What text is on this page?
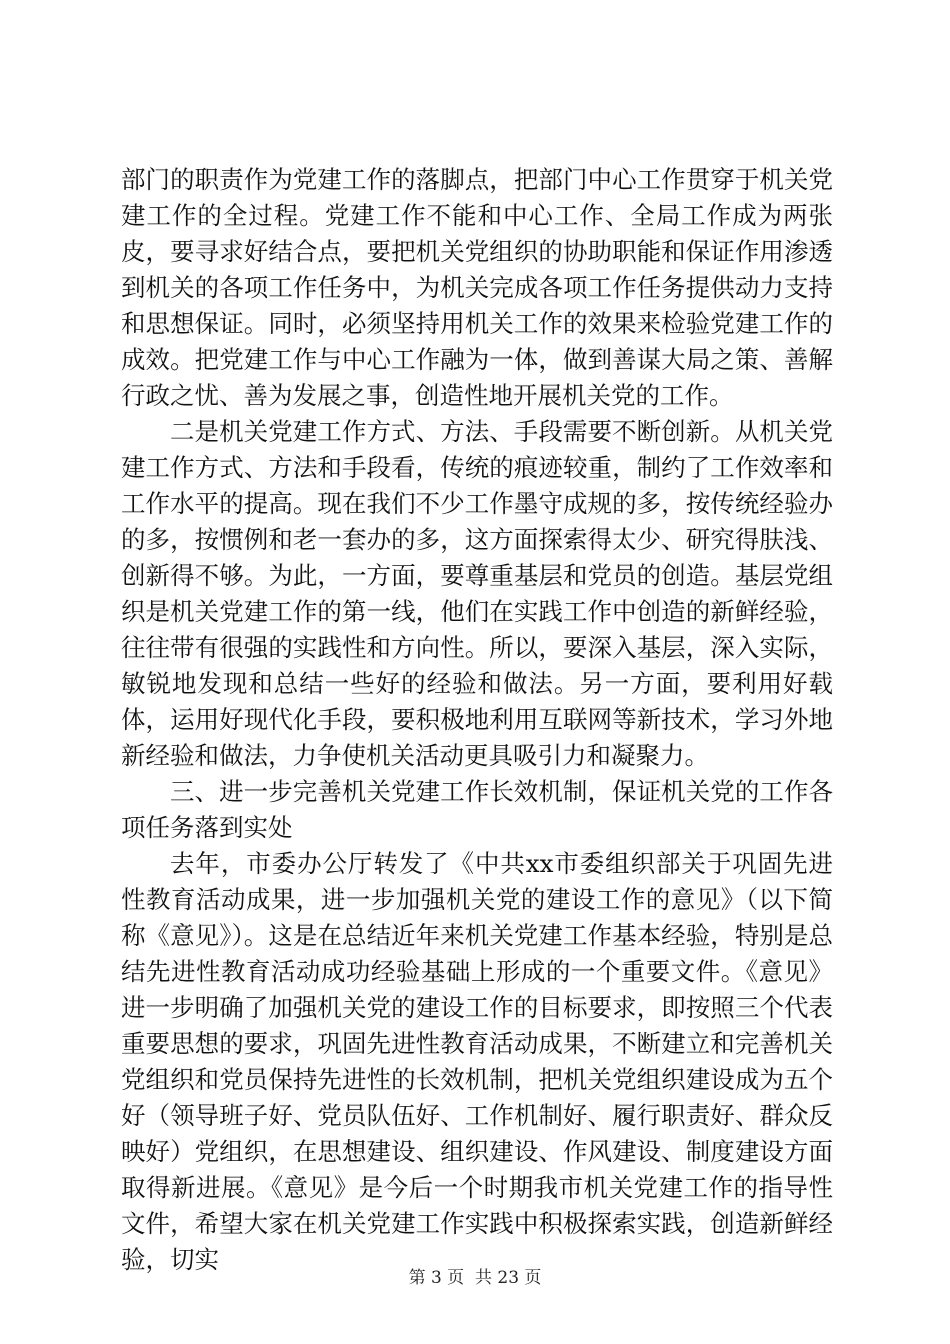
部门的职责作为党建工作的落脚点，把部门中心工作贯穿于机关党建工作的全过程。党建工作不能和中心工作、全局工作成为两张皮，要寻求好结合点，要把机关党组织的协助职能和保证作用渗透到机关的各项工作任务中，为机关完成各项工作任务提供动力支持和思想保证。同时，必须坚持用机关工作的效果来检验党建工作的成效。把党建工作与中心工作融为一体，做到善谋大局之策、善解行政之忧、善为发展之事，创造性地开展机关党的工作。

二是机关党建工作方式、方法、手段需要不断创新。从机关党建工作方式、方法和手段看，传统的痕迹较重，制约了工作效率和工作水平的提高。现在我们不少工作墨守成规的多，按传统经验办的多，按惯例和老一套办的多，这方面探索得太少、研究得肤浅、创新得不够。为此，一方面，要尊重基层和党员的创造。基层党组织是机关党建工作的第一线，他们在实践工作中创造的新鲜经验，往往带有很强的实践性和方向性。所以，要深入基层，深入实际，敏锐地发现和总结一些好的经验和做法。另一方面，要利用好载体，运用好现代化手段，要积极地利用互联网等新技术，学习外地新经验和做法，力争使机关活动更具吸引力和凝聚力。

三、进一步完善机关党建工作长效机制，保证机关党的工作各项任务落到实处

去年，市委办公厅转发了《中共xx市委组织部关于巩固先进性教育活动成果，进一步加强机关党的建设工作的意见》（以下简称《意见》）。这是在总结近年来机关党建工作基本经验，特别是总结先进性教育活动成功经验基础上形成的一个重要文件。《意见》进一步明确了加强机关党的建设工作的目标要求，即按照三个代表重要思想的要求，巩固先进性教育活动成果，不断建立和完善机关党组织和党员保持先进性的长效机制，把机关党组织建设成为五个好（领导班子好、党员队伍好、工作机制好、履行职责好、群众反映好）党组织，在思想建设、组织建设、作风建设、制度建设方面取得新进展。《意见》是今后一个时期我市机关党建工作的指导性文件，希望大家在机关党建工作实践中积极探索实践，创造新鲜经验，切实

第 3 页  共 23 页
